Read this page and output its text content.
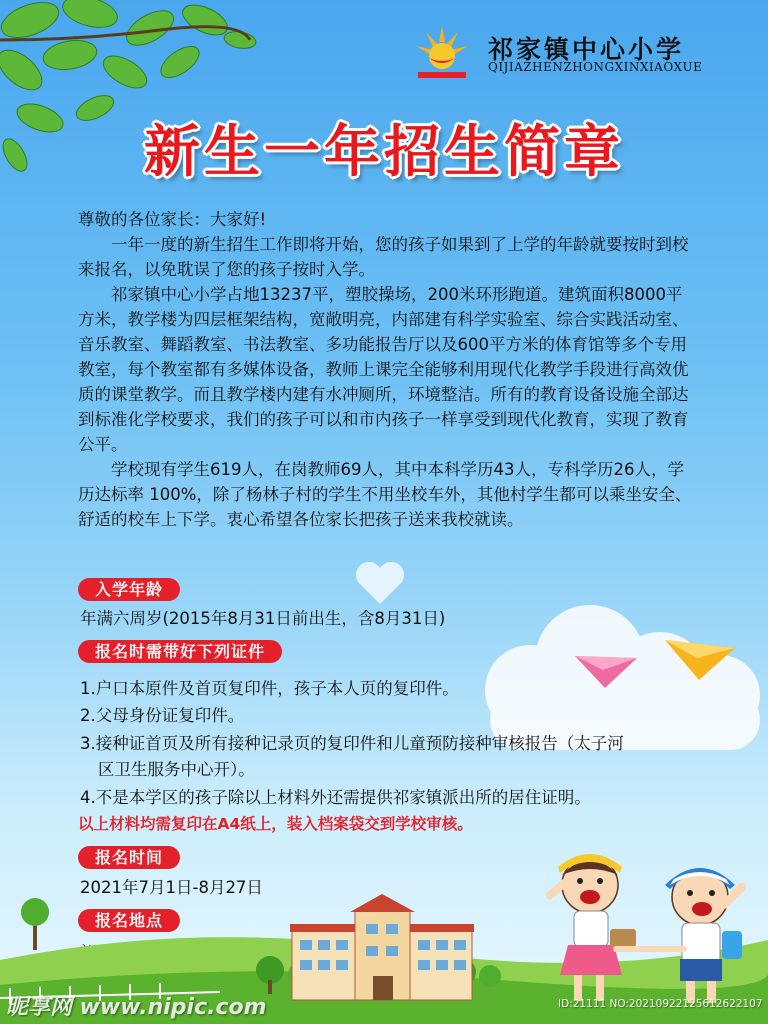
祁家镇中心小学
QIJIAZHENZHONGXINXIAOXUE
新生一年招生简章

尊敬的各位家长：大家好!

一年一度的新生招生工作即将开始，您的孩子如果到了上学的年龄就要按时到校来报名，以免耽误了您的孩子按时入学。

祁家镇中心小学占地13237平，塑胶操场，200米环形跑道。建筑面积8000平方米，教学楼为四层框架结构，宽敞明亮，内部建有科学实验室、综合实践活动室、音乐教室、舞蹈教室、书法教室、多功能报告厅以及600平方米的体育馆等多个专用教室，每个教室都有多媒体设备，教师上课完全能够利用现代化教学手段进行高效优质的课堂教学。而且教学楼内建有水冲厕所，环境整洁。所有的教育设备设施全部达到标准化学校要求，我们的孩子可以和市内孩子一样享受到现代化教育，实现了教育公平。

学校现有学生619人，在岗教师69人，其中本科学历43人，专科学历26人，学历达标率 100%，除了杨林子村的学生不用坐校车外，其他村学生都可以乘坐安全、舒适的校车上下学。衷心希望各位家长把孩子送来我校就读。

入学年龄
年满六周岁(2015年8月31日前出生，含8月31日)
报名时需带好下列证件
1.户口本原件及首页复印件，孩子本人页的复印件。
2.父母身份证复印件。
3.接种证首页及所有接种记录页的复印件和儿童预防接种审核报告（太子河
区卫生服务中心开）。
4.不是本学区的孩子除以上材料外还需提供祁家镇派出所的居住证明。
以上材料均需复印在A4纸上，装入档案袋交到学校审核。
报名时间
2021年7月1日-8月27日
报名地点
昵享网 www.nipic.com	ID:21111 NO:20210922125612622107
